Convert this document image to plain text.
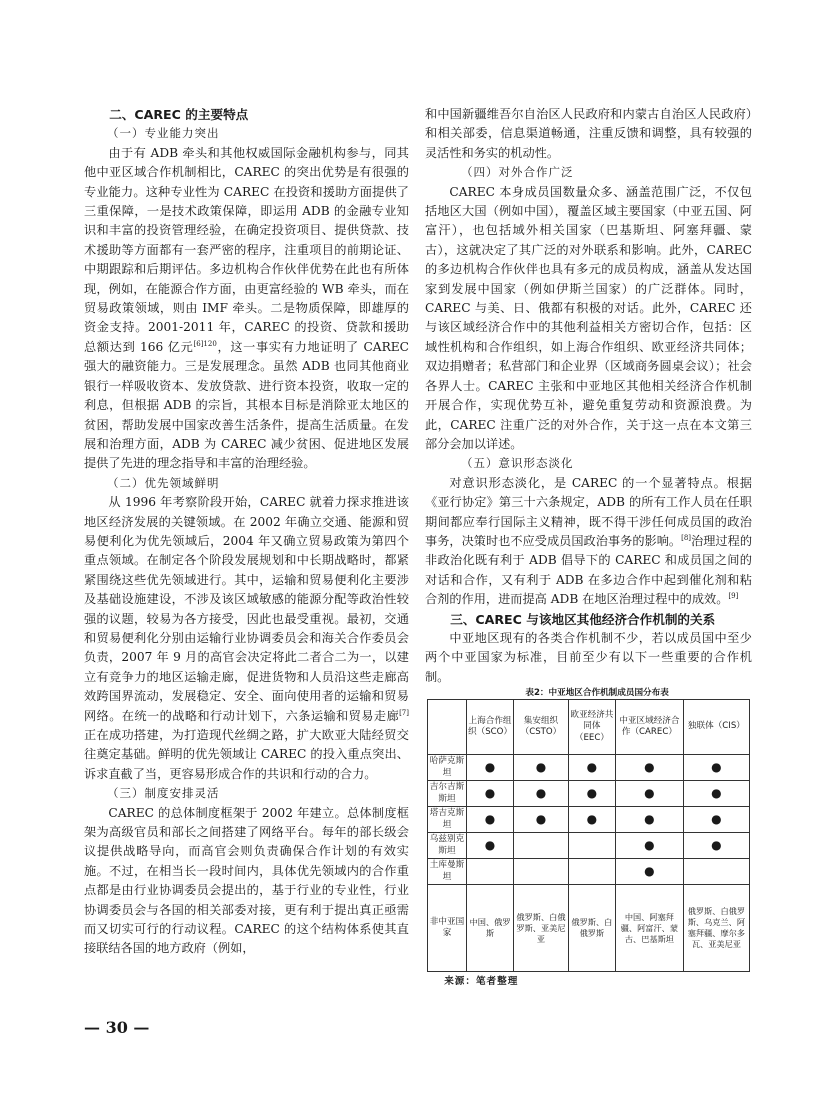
二、CAREC 的主要特点

（一）专业能力突出

由于有 ADB 牵头和其他权威国际金融机构参与，同其他中亚区域合作机制相比，CAREC 的突出优势是有很强的专业能力。这种专业性为 CAREC 在投资和援助方面提供了三重保障，一是技术政策保障，即运用 ADB 的金融专业知识和丰富的投资管理经验，在确定投资项目、提供贷款、技术援助等方面都有一套严密的程序，注重项目的前期论证、中期跟踪和后期评估。多边机构合作伙伴优势在此也有所体现，例如，在能源合作方面，由更富经验的 WB 牵头，而在贸易政策领域，则由 IMF 牵头。二是物质保障，即雄厚的资金支持。2001-2011 年，CAREC 的投资、贷款和援助总额达到 166 亿元$^{[6]120}$，这一事实有力地证明了 CAREC 强大的融资能力。三是发展理念。虽然 ADB 也同其他商业银行一样吸收资本、发放贷款、进行资本投资，收取一定的利息，但根据 ADB 的宗旨，其根本目标是消除亚太地区的贫困，帮助发展中国家改善生活条件，提高生活质量。在发展和治理方面，ADB 为 CAREC 减少贫困、促进地区发展提供了先进的理念指导和丰富的治理经验。

（二）优先领域鲜明

从 1996 年考察阶段开始，CAREC 就着力探求推进该地区经济发展的关键领域。在 2002 年确立交通、能源和贸易便利化为优先领域后，2004 年又确立贸易政策为第四个重点领域。在制定各个阶段发展规划和中长期战略时，都紧紧围绕这些优先领域进行。其中，运输和贸易便利化主要涉及基础设施建设，不涉及该区域敏感的能源分配等政治性较强的议题，较易为各方接受，因此也最受重视。最初，交通和贸易便利化分别由运输行业协调委员会和海关合作委员会负责，2007 年 9 月的高官会决定将此二者合二为一，以建立有竞争力的地区运输走廊，促进货物和人员沿这些走廊高效跨国界流动，发展稳定、安全、面向使用者的运输和贸易网络。在统一的战略和行动计划下，六条运输和贸易走廊[7]正在成功搭建，为打造现代丝绸之路，扩大欧亚大陆经贸交往奠定基础。鲜明的优先领域让 CAREC 的投入重点突出、诉求直截了当，更容易形成合作的共识和行动的合力。

（三）制度安排灵活

CAREC 的总体制度框架于 2002 年建立。总体制度框架为高级官员和部长之间搭建了网络平台。每年的部长级会议提供战略导向，而高官会则负责确保合作计划的有效实施。不过，在相当长一段时间内，具体优先领域内的合作重点都是由行业协调委员会提出的，基于行业的专业性，行业协调委员会与各国的相关部委对接，更有利于提出真正亟需而又切实可行的行动议程。CAREC 的这个结构体系使其直接联结各国的地方政府（例如，

和中国新疆维吾尔自治区人民政府和内蒙古自治区人民政府）和相关部委，信息渠道畅通，注重反馈和调整，具有较强的灵活性和务实的机动性。

（四）对外合作广泛

CAREC 本身成员国数量众多、涵盖范围广泛，不仅包括地区大国（例如中国），覆盖区域主要国家（中亚五国、阿富汗），也包括域外相关国家（巴基斯坦、阿塞拜疆、蒙古），这就决定了其广泛的对外联系和影响。此外，CAREC 的多边机构合作伙伴也具有多元的成员构成，涵盖从发达国家到发展中国家（例如伊斯兰国家）的广泛群体。同时，CAREC 与美、日、俄都有积极的对话。此外，CAREC 还与该区域经济合作中的其他利益相关方密切合作，包括：区域性机构和合作组织，如上海合作组织、欧亚经济共同体；双边捐赠者；私营部门和企业界（区域商务圆桌会议）；社会各界人士。CAREC 主张和中亚地区其他相关经济合作机制开展合作，实现优势互补，避免重复劳动和资源浪费。为此，CAREC 注重广泛的对外合作，关于这一点在本文第三部分会加以详述。

（五）意识形态淡化

对意识形态淡化，是 CAREC 的一个显著特点。根据《亚行协定》第三十六条规定，ADB 的所有工作人员在任职期间都应奉行国际主义精神，既不得干涉任何成员国的政治事务，决策时也不应受成员国政治事务的影响。[8]治理过程的非政治化既有利于 ADB 倡导下的 CAREC 和成员国之间的对话和合作，又有利于 ADB 在多边合作中起到催化剂和粘合剂的作用，进而提高 ADB 在地区治理过程中的成效。[9]

三、CAREC 与该地区其他经济合作机制的关系

中亚地区现有的各类合作机制不少，若以成员国中至少两个中亚国家为标准，目前至少有以下一些重要的合作机制。

表2：中亚地区合作机制成员国分布表

	上海合作组织（SCO）	集安组织（CSTO）	欧亚经济共同体（EEC）	中亚区域经济合作（CAREC）	独联体（CIS）
哈萨克斯坦	●	●	●	●	●
吉尔吉斯斯坦	●	●	●	●	●
塔吉克斯坦	●	●	●	●	●
乌兹别克斯坦	●			●	●
土库曼斯坦				●	
非中亚国家	中国、俄罗斯	俄罗斯、白俄罗斯、亚美尼亚	俄罗斯、白俄罗斯	中国、阿塞拜疆、阿富汗、蒙古、巴基斯坦	俄罗斯、白俄罗斯、乌克兰、阿塞拜疆、摩尔多瓦、亚美尼亚

来源：笔者整理

— 30 —
